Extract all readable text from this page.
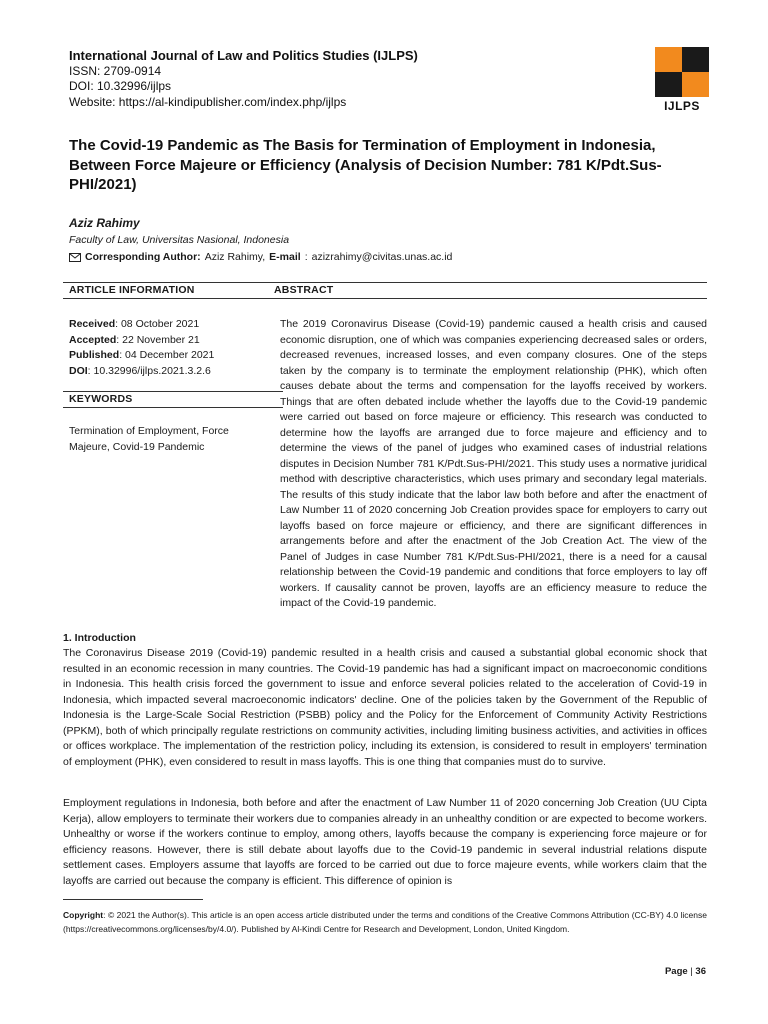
International Journal of Law and Politics Studies (IJLPS)
ISSN: 2709-0914
DOI: 10.32996/ijlps
Website: https://al-kindipublisher.com/index.php/ijlps	IJLPS
The Covid-19 Pandemic as The Basis for Termination of Employment in Indonesia, Between Force Majeure or Efficiency (Analysis of Decision Number: 781 K/Pdt.Sus-PHI/2021)
Aziz Rahimy
Faculty of Law, Universitas Nasional, Indonesia
Corresponding Author: Aziz Rahimy, E-mail : azizrahimy@civitas.unas.ac.id
ARTICLE INFORMATION	ABSTRACT
Received: 08 October 2021
Accepted: 22 November 21
Published: 04 December 2021
DOI: 10.32996/ijlps.2021.3.2.6
KEYWORDS
Termination of Employment, Force Majeure, Covid-19 Pandemic
The 2019 Coronavirus Disease (Covid-19) pandemic caused a health crisis and caused economic disruption, one of which was companies experiencing decreased sales or orders, decreased revenues, increased losses, and even company closures. One of the steps taken by the company is to terminate the employment relationship (PHK), which often causes debate about the terms and compensation for the layoffs received by workers. Things that are often debated include whether the layoffs due to the Covid-19 pandemic were carried out based on force majeure or efficiency. This research was conducted to determine how the layoffs are arranged due to force majeure and efficiency and to determine the views of the panel of judges who examined cases of industrial relations disputes in Decision Number 781 K/Pdt.Sus-PHI/2021. This study uses a normative juridical method with descriptive characteristics, which uses primary and secondary legal materials. The results of this study indicate that the labor law both before and after the enactment of Law Number 11 of 2020 concerning Job Creation provides space for employers to carry out layoffs based on force majeure or efficiency, and there are significant differences in arrangements before and after the enactment of the Job Creation Act. The view of the Panel of Judges in case Number 781 K/Pdt.Sus-PHI/2021, there is a need for a causal relationship between the Covid-19 pandemic and conditions that force employers to lay off workers. If causality cannot be proven, layoffs are an efficiency measure to reduce the impact of the Covid-19 pandemic.
1. Introduction
The Coronavirus Disease 2019 (Covid-19) pandemic resulted in a health crisis and caused a substantial global economic shock that resulted in an economic recession in many countries. The Covid-19 pandemic has had a significant impact on macroeconomic conditions in Indonesia. This health crisis forced the government to issue and enforce several policies related to the acceleration of Covid-19 in Indonesia, which impacted several macroeconomic indicators' decline. One of the policies taken by the Government of the Republic of Indonesia is the Large-Scale Social Restriction (PSBB) policy and the Policy for the Enforcement of Community Activity Restrictions (PPKM), both of which principally regulate restrictions on community activities, including limiting business activities, and activities in offices or offices workplace. The implementation of the restriction policy, including its extension, is considered to result in employers' termination of employment (PHK), even considered to result in mass layoffs. This is one thing that companies must do to survive.
Employment regulations in Indonesia, both before and after the enactment of Law Number 11 of 2020 concerning Job Creation (UU Cipta Kerja), allow employers to terminate their workers due to companies already in an unhealthy condition or are expected to become workers. Unhealthy or worse if the workers continue to employ, among others, layoffs because the company is experiencing force majeure or for efficiency reasons. However, there is still debate about layoffs due to the Covid-19 pandemic in several industrial relations dispute settlement cases. Employers assume that layoffs are forced to be carried out due to force majeure events, while workers claim that the layoffs are carried out because the company is efficient. This difference of opinion is
Copyright: © 2021 the Author(s). This article is an open access article distributed under the terms and conditions of the Creative Commons Attribution (CC-BY) 4.0 license (https://creativecommons.org/licenses/by/4.0/). Published by Al-Kindi Centre for Research and Development, London, United Kingdom.
Page | 36
